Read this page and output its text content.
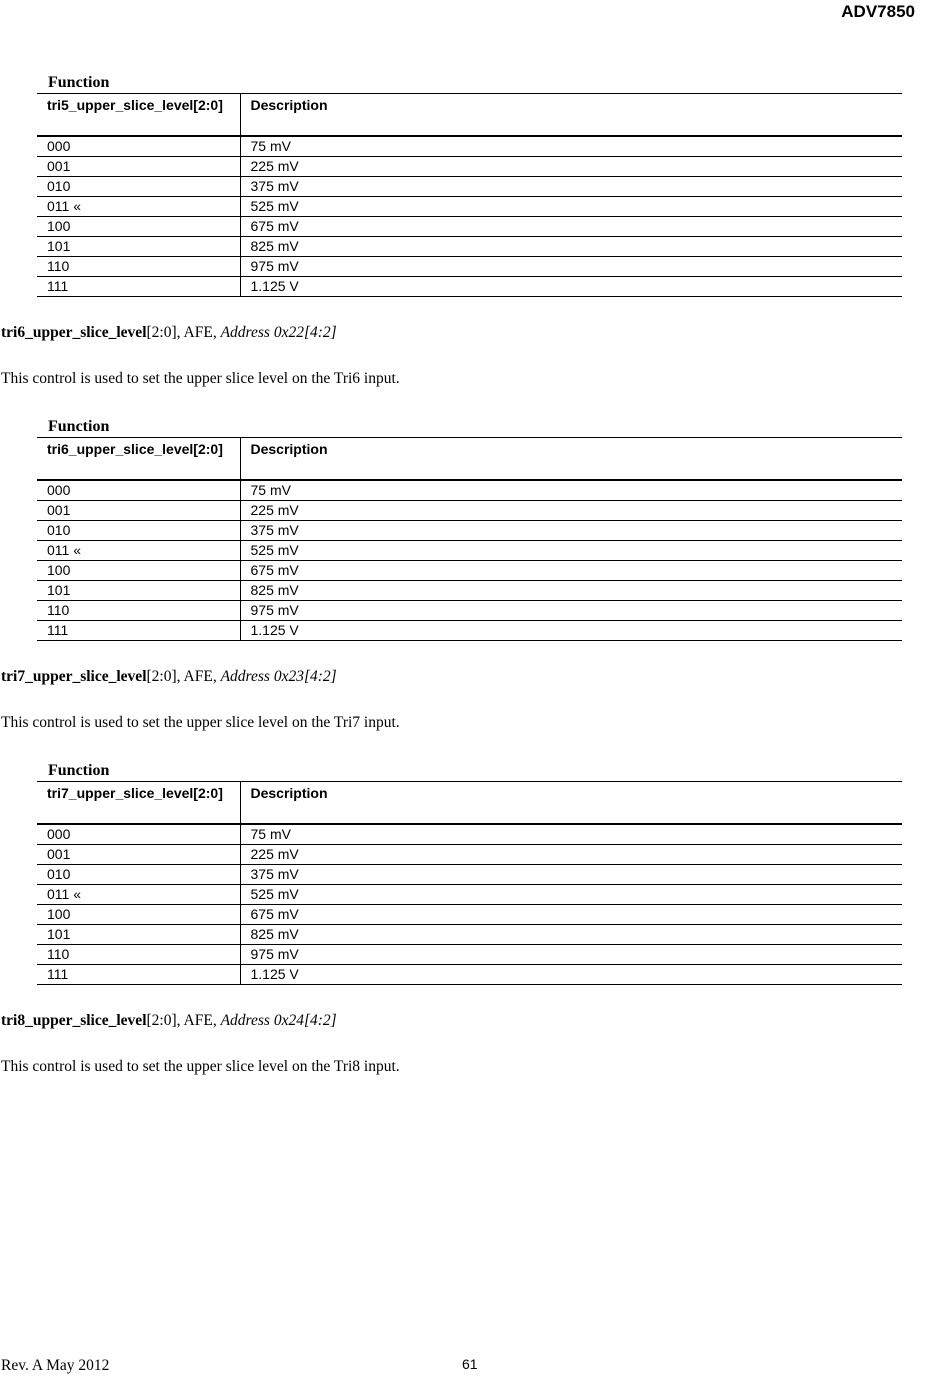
ADV7850
Function
tri5_upper_slice_level[2:0]	Description
000	75 mV
001	225 mV
010	375 mV
011 «	525 mV
100	675 mV
101	825 mV
110	975 mV
111	1.125 V
tri6_upper_slice_level[2:0], AFE, Address 0x22[4:2]
This control is used to set the upper slice level on the Tri6 input.
Function
tri6_upper_slice_level[2:0]	Description
000	75 mV
001	225 mV
010	375 mV
011 «	525 mV
100	675 mV
101	825 mV
110	975 mV
111	1.125 V
tri7_upper_slice_level[2:0], AFE, Address 0x23[4:2]
This control is used to set the upper slice level on the Tri7 input.
Function
tri7_upper_slice_level[2:0]	Description
000	75 mV
001	225 mV
010	375 mV
011 «	525 mV
100	675 mV
101	825 mV
110	975 mV
111	1.125 V
tri8_upper_slice_level[2:0], AFE, Address 0x24[4:2]
This control is used to set the upper slice level on the Tri8 input.
Rev. A May 2012	61
